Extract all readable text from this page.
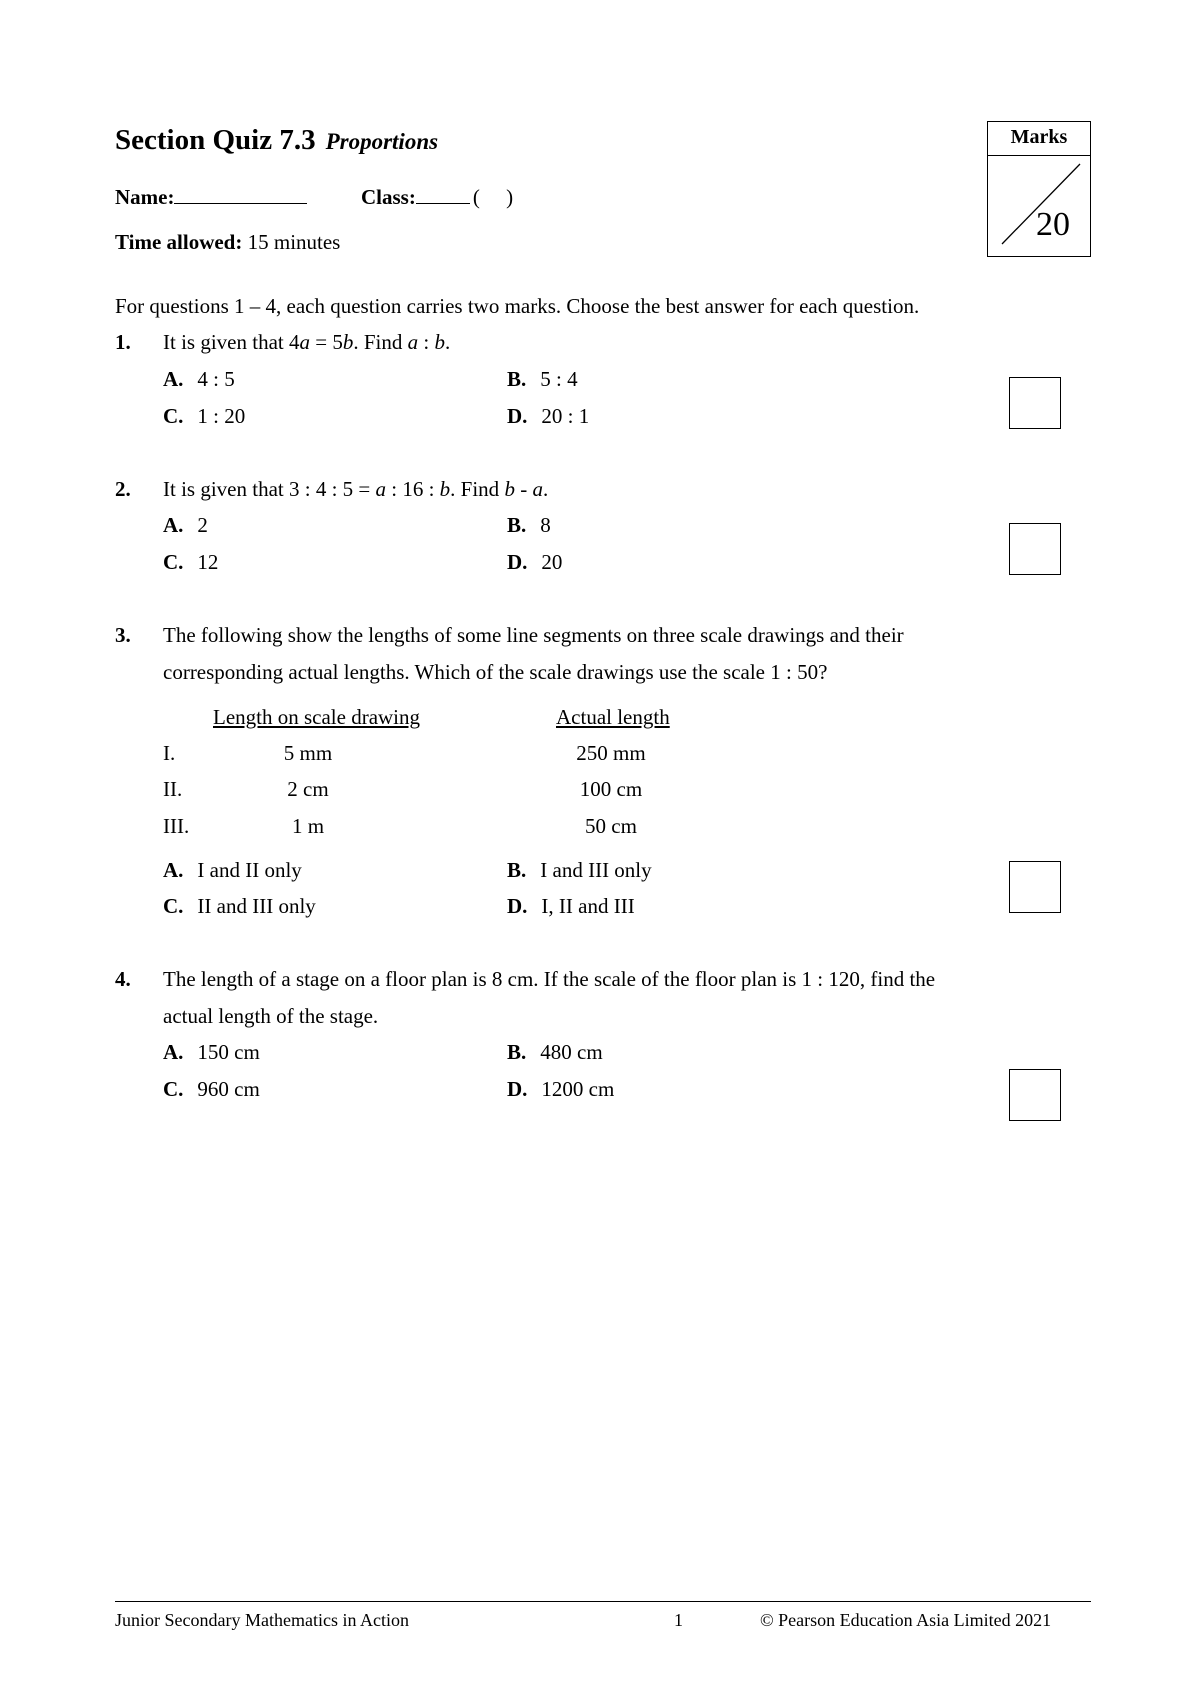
Section Quiz 7.3 Proportions
Name:	Class:	(     )
Time allowed: 15 minutes
Marks
20
For questions 1 – 4, each question carries two marks. Choose the best answer for each question.
1. It is given that 4a = 5b. Find a : b.
A. 4 : 5	B. 5 : 4
C. 1 : 20	D. 20 : 1
2. It is given that 3 : 4 : 5 = a : 16 : b. Find b - a.
A. 2	B. 8
C. 12	D. 20
3. The following show the lengths of some line segments on three scale drawings and their
corresponding actual lengths. Which of the scale drawings use the scale 1 : 50?
Length on scale drawing	Actual length
I.	5 mm	250 mm
II.	2 cm	100 cm
III.	1 m	50 cm
A. I and II only	B. I and III only
C. II and III only	D. I, II and III
4. The length of a stage on a floor plan is 8 cm. If the scale of the floor plan is 1 : 120, find the
actual length of the stage.
A. 150 cm	B. 480 cm
C. 960 cm	D. 1200 cm
Junior Secondary Mathematics in Action	1	© Pearson Education Asia Limited 2021
